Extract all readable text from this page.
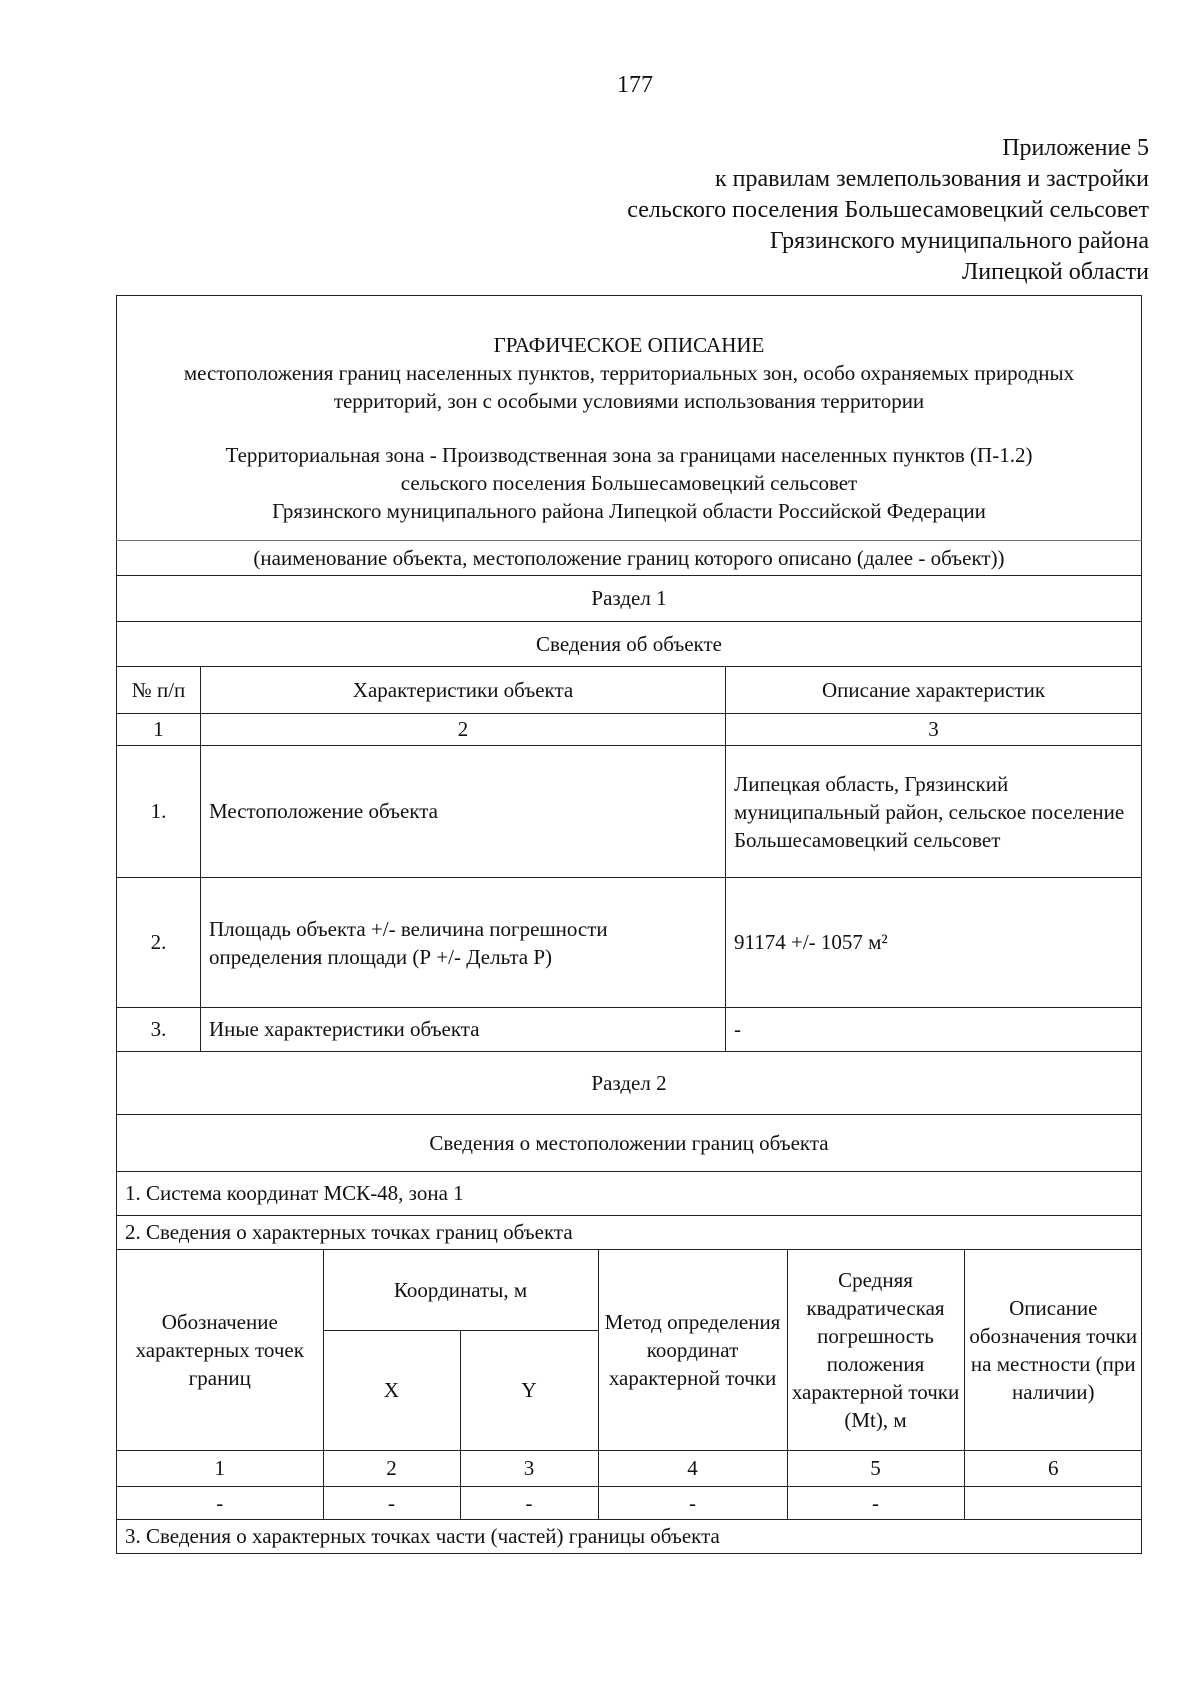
177
Приложение 5
к правилам землепользования и застройки
сельского поселения Большесамовецкий сельсовет
Грязинского муниципального района
Липецкой области
ГРАФИЧЕСКОЕ ОПИСАНИЕ
местоположения границ населенных пунктов, территориальных зон, особо охраняемых природных
территорий, зон с особыми условиями использования территории
Территориальная зона - Производственная зона за границами населенных пунктов (П-1.2)
сельского поселения Большесамовецкий сельсовет
Грязинского муниципального района Липецкой области Российской Федерации

(наименование объекта, местоположение границ которого описано (далее - объект))
Раздел 1
Сведения об объекте
№ п/п	Характеристики объекта	Описание характеристик
1	2	3
1.	Местоположение объекта	Липецкая область, Грязинский муниципальный район, сельское поселение Большесамовецкий сельсовет
2.	Площадь объекта +/- величина погрешности определения площади (Р +/- Дельта Р)	91174 +/- 1057 м²
3.	Иные характеристики объекта	-
Раздел 2
Сведения о местоположении границ объекта
1. Система координат МСК-48, зона 1
2. Сведения о характерных точках границ объекта

Обозначение характерных точек границ	Координаты, м	Метод определения координат характерной точки	Средняя квадратическая погрешность положения характерной точки (Mt), м	Описание обозначения точки на местности (при наличии)
X	Y
1	2	3	4	5	6
-	-	-	-	-	

3. Сведения о характерных точках части (частей) границы объекта
